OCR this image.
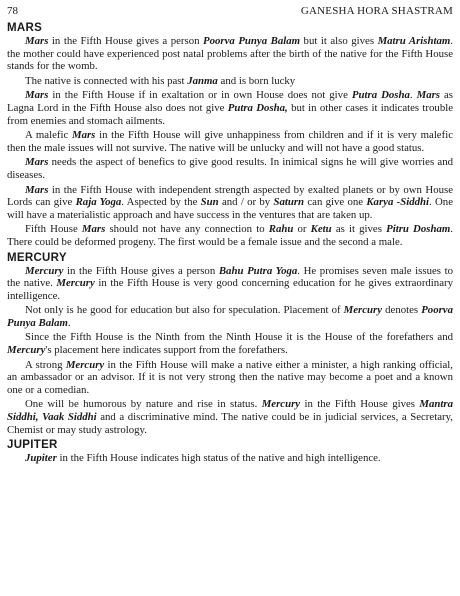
78	GANESHA HORA SHASTRAM
MARS

Mars in the Fifth House gives a person Poorva Punya Balam but it also gives Matru Arishtam. the mother could have experienced post natal problems after the birth of the native for the Fifth House stands for the womb.

The native is connected with his past Janma and is born lucky

Mars in the Fifth House if in exaltation or in own House does not give Putra Dosha. Mars as Lagna Lord in the Fifth House also does not give Putra Dosha, but in other cases it indicates trouble from enemies and stomach ailments.

A malefic Mars in the Fifth House will give unhappiness from children and if it is very malefic then the male issues will not survive. The native will be unlucky and will not have a good status.

Mars needs the aspect of benefics to give good results. In inimical signs he will give worries and diseases.

Mars in the Fifth House with independent strength aspected by exalted planets or by own House Lords can give Raja Yoga. Aspected by the Sun and / or by Saturn can give one Karya -Siddhi. One will have a materialistic approach and have success in the ventures that are taken up.

Fifth House Mars should not have any connection to Rahu or Ketu as it gives Pitru Dosham. There could be deformed progeny. The first would be a female issue and the second a male.

MERCURY

Mercury in the Fifth House gives a person Bahu Putra Yoga. He promises seven male issues to the native. Mercury in the Fifth House is very good concerning education for he gives extraordinary intelligence.

Not only is he good for education but also for speculation. Placement of Mercury denotes Poorva Punya Balam.

Since the Fifth House is the Ninth from the Ninth House it is the House of the forefathers and Mercury's placement here indicates support from the forefathers.

A strong Mercury in the Fifth House will make a native either a minister, a high ranking official, an ambassador or an advisor. If it is not very strong then the native may become a poet and a known one or a comedian.

One will be humorous by nature and rise in status. Mercury in the Fifth House gives Mantra Siddhi, Vaak Siddhi and a discriminative mind. The native could be in judicial services, a Secretary, Chemist or may study astrology.

JUPITER

Jupiter in the Fifth House indicates high status of the native and high intelligence.
